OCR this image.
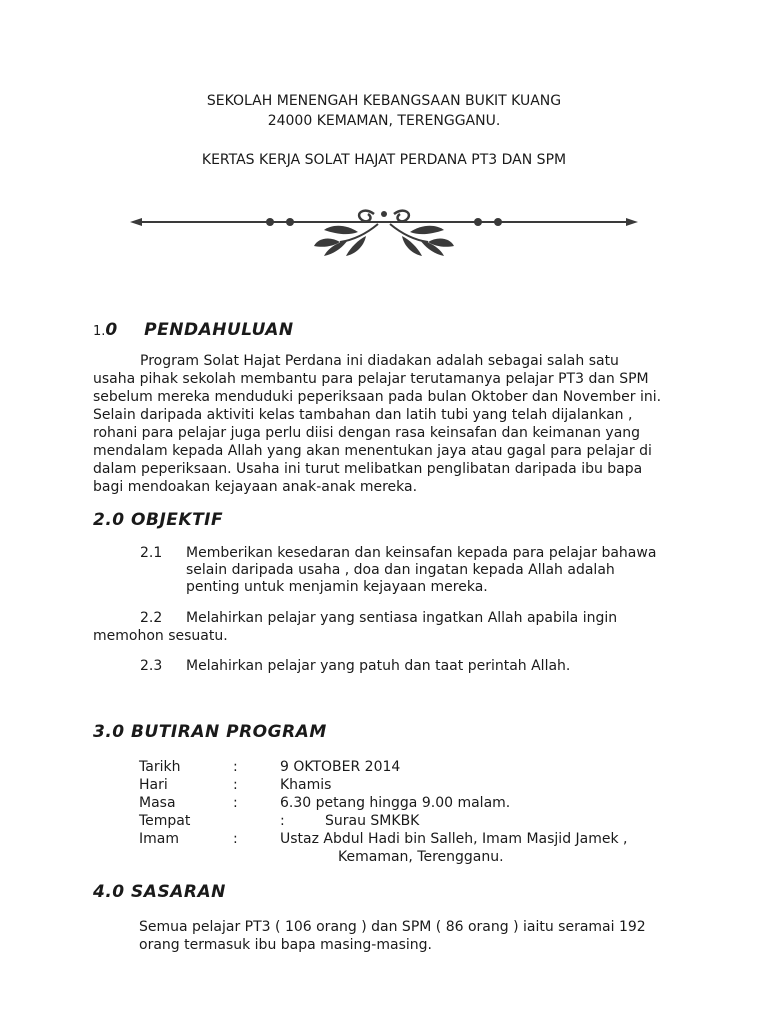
SEKOLAH MENENGAH KEBANGSAAN BUKIT KUANG
24000 KEMAMAN, TERENGGANU.
KERTAS KERJA SOLAT HAJAT PERDANA PT3 DAN SPM
1.0 PENDAHULUAN
Program Solat Hajat Perdana ini diadakan adalah sebagai salah satu
usaha pihak sekolah membantu para pelajar terutamanya pelajar PT3 dan SPM
sebelum mereka menduduki peperiksaan pada bulan Oktober dan November ini.
Selain daripada aktiviti kelas tambahan dan latih tubi yang telah dijalankan ,
rohani para pelajar juga perlu diisi dengan rasa keinsafan dan keimanan yang
mendalam kepada Allah yang akan menentukan jaya atau gagal para pelajar di
dalam peperiksaan. Usaha ini turut melibatkan penglibatan daripada ibu bapa
bagi mendoakan kejayaan anak-anak mereka.
2.0 OBJEKTIF
2.1 Memberikan kesedaran dan keinsafan kepada para pelajar bahawa
selain daripada usaha , doa dan ingatan kepada Allah adalah
penting untuk menjamin kejayaan mereka.
2.2 Melahirkan pelajar yang sentiasa ingatkan Allah apabila ingin
memohon sesuatu.
2.3 Melahirkan pelajar yang patuh dan taat perintah Allah.
3.0 BUTIRAN PROGRAM
Tarikh	:	9 OKTOBER 2014
Hari	:	Khamis
Masa	:	6.30 petang hingga 9.00 malam.
Tempat	:	Surau SMKBK
Imam	:	Ustaz Abdul Hadi bin Salleh, Imam Masjid Jamek ,
Kemaman, Terengganu.
4.0 SASARAN
Semua pelajar PT3 ( 106 orang ) dan SPM ( 86 orang ) iaitu seramai 192
orang termasuk ibu bapa masing-masing.
